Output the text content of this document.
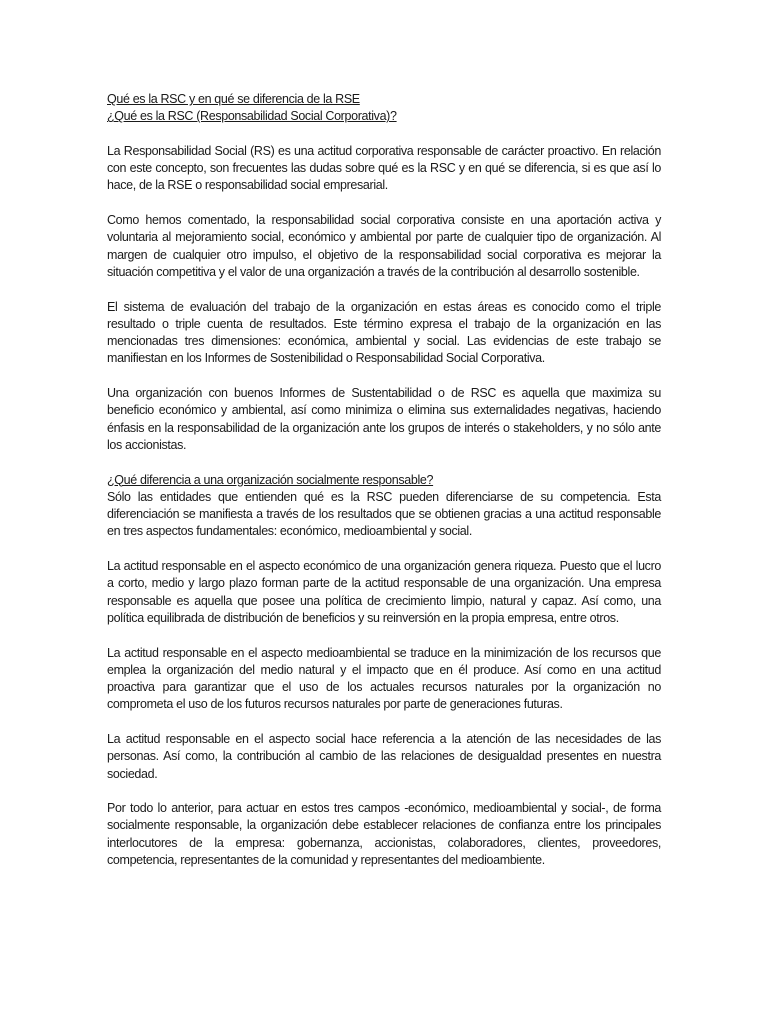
Qué es la RSC y en qué se diferencia de la RSE

¿Qué es la RSC (Responsabilidad Social Corporativa)?

La Responsabilidad Social (RS) es una actitud corporativa responsable de carácter proactivo. En relación con este concepto, son frecuentes las dudas sobre qué es la RSC y en qué se diferencia, si es que así lo hace, de la RSE o responsabilidad social empresarial.

Como hemos comentado, la responsabilidad social corporativa consiste en una aportación activa y voluntaria al mejoramiento social, económico y ambiental por parte de cualquier tipo de organización. Al margen de cualquier otro impulso, el objetivo de la responsabilidad social corporativa es mejorar la situación competitiva y el valor de una organización a través de la contribución al desarrollo sostenible.

El sistema de evaluación del trabajo de la organización en estas áreas es conocido como el triple resultado o triple cuenta de resultados. Este término expresa el trabajo de la organización en las mencionadas tres dimensiones: económica, ambiental y social. Las evidencias de este trabajo se manifiestan en los Informes de Sostenibilidad o Responsabilidad Social Corporativa.

Una organización con buenos Informes de Sustentabilidad o de RSC es aquella que maximiza su beneficio económico y ambiental, así como minimiza o elimina sus externalidades negativas, haciendo énfasis en la responsabilidad de la organización ante los grupos de interés o stakeholders, y no sólo ante los accionistas.

¿Qué diferencia a una organización socialmente responsable?

Sólo las entidades que entienden qué es la RSC pueden diferenciarse de su competencia. Esta diferenciación se manifiesta a través de los resultados que se obtienen gracias a una actitud responsable en tres aspectos fundamentales: económico, medioambiental y social.

La actitud responsable en el aspecto económico de una organización genera riqueza. Puesto que el lucro a corto, medio y largo plazo forman parte de la actitud responsable de una organización. Una empresa responsable es aquella que posee una política de crecimiento limpio, natural y capaz. Así como, una política equilibrada de distribución de beneficios y su reinversión en la propia empresa, entre otros.

La actitud responsable en el aspecto medioambiental se traduce en la minimización de los recursos que emplea la organización del medio natural y el impacto que en él produce. Así como en una actitud proactiva para garantizar que el uso de los actuales recursos naturales por la organización no comprometa el uso de los futuros recursos naturales por parte de generaciones futuras.

La actitud responsable en el aspecto social hace referencia a la atención de las necesidades de las personas. Así como, la contribución al cambio de las relaciones de desigualdad presentes en nuestra sociedad.

Por todo lo anterior, para actuar en estos tres campos -económico, medioambiental y social-, de forma socialmente responsable, la organización debe establecer relaciones de confianza entre los principales interlocutores de la empresa: gobernanza, accionistas, colaboradores, clientes, proveedores, competencia, representantes de la comunidad y representantes del medioambiente.
